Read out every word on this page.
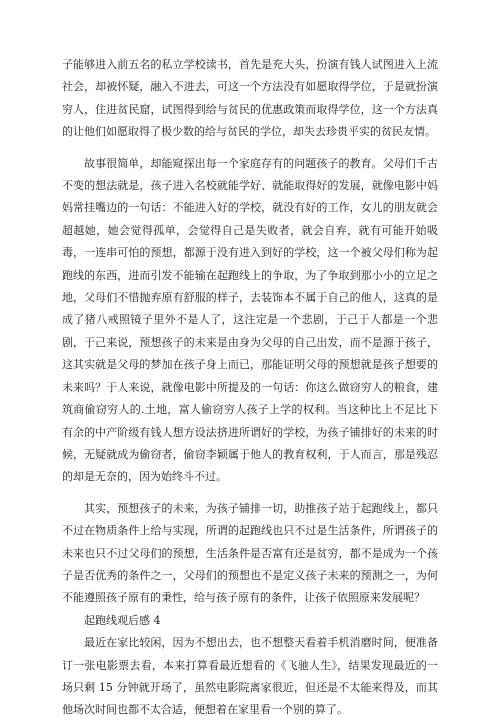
子能够进入前五名的私立学校读书，首先是充大头，扮演有钱人试图进入上流社会，却被怀疑，融入不进去，可这一个方法没有如愿取得学位，于是就扮演穷人，住进贫民窟，试图得到给与贫民的优惠政策而取得学位，这一个方法真的让他们如愿取得了极少数的给与贫民的学位，却失去珍贵平实的贫民友情。

故事很简单，却能窥探出每一个家庭存有的问题孩子的教育。父母们千古不变的想法就是，孩子进入名校就能学好、就能取得好的发展，就像电影中妈妈常挂嘴边的一句话：不能进入好的学校，就没有好的工作，女儿的朋友就会超越她，她会觉得孤单，会觉得自己是失败者，就会自弃，就有可能开始吸毒，一连串可怕的预想，都源于没有进入到好的学校，这一个被父母们称为起跑线的东西，进而引发不能输在起跑线上的争取，为了争取到那小小的立足之地，父母们不惜抛弃原有舒服的样子，去装饰本不属于自己的他人，这真的是成了猪八戒照镜子里外不是人了，这注定是一个悲剧，于己于人都是一个悲剧，于己来说，预想孩子的未来是由身为父母的自己出发，而不是源于孩子，这其实就是父母的梦加在孩子身上而已，那能证明父母的预想就是孩子想要的未来吗？于人来说，就像电影中所提及的一句话：你这么做窃穷人的粮食，建筑商偷窃穷人的.土地，富人偷窃穷人孩子上学的权利。当这种比上不足比下有余的中产阶级有钱人想方设法挤进所谓好的学校，为孩子铺排好的未来的时候，无疑就成为偷窃者，偷窃李颖属于他人的教育权利，于人而言，那是残忍的却是无奈的，因为始终斗不过。

其实，预想孩子的未来，为孩子铺排一切，助推孩子站于起跑线上，都只不过在物质条件上给与实现，所谓的起跑线也只不过是生活条件，所谓孩子的未来也只不过父母们的预想，生活条件是否富有还是贫穷，都不是成为一个孩子是否优秀的条件之一，父母们的预想也不是定义孩子未来的预测之一，为何不能遵照孩子原有的秉性，给与孩子原有的条件，让孩子依照原来发展呢？

起跑线观后感 4

最近在家比较闲，因为不想出去，也不想整天看着手机消磨时间，便准备订一张电影票去看，本来打算看最近想看的《飞驰人生》，结果发现最近的一场只剩 15 分钟就开场了，虽然电影院离家很近，但还是不太能来得及，而其他场次时间也都不太合适，便想着在家里看一个别的算了。
